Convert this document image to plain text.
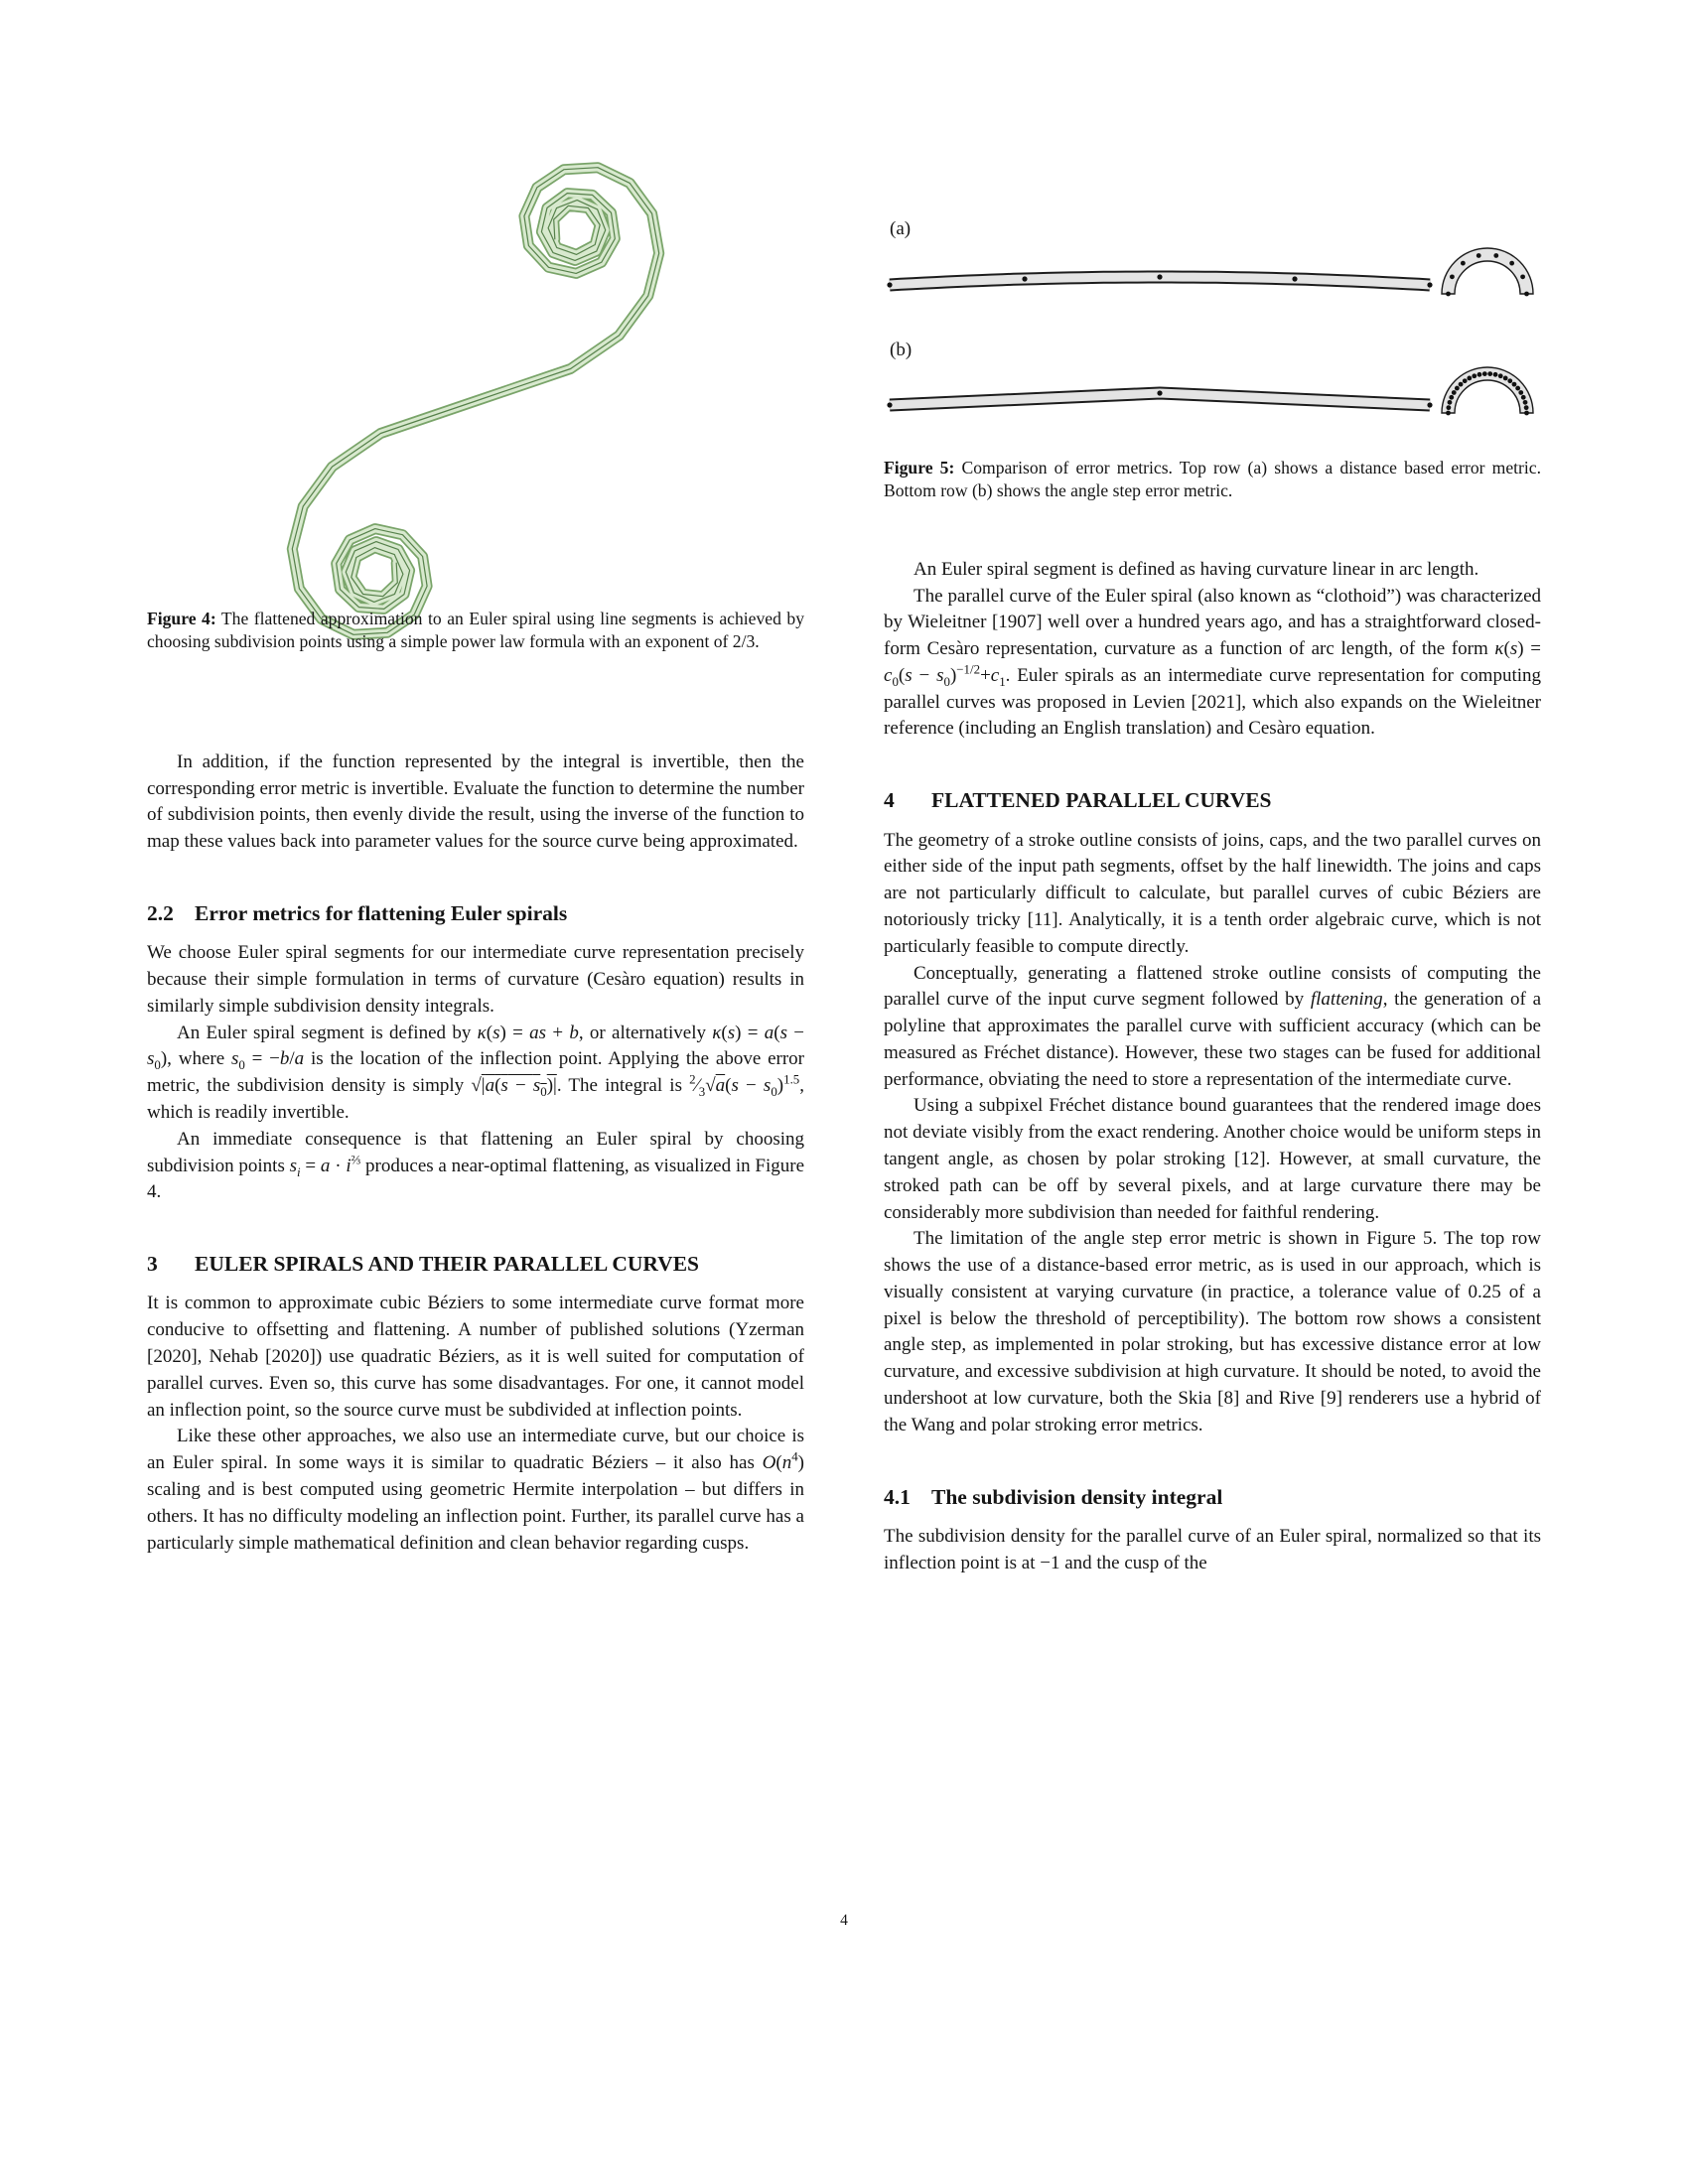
Figure 4: The flattened approximation to an Euler spiral using line segments is achieved by choosing subdivision points using a simple power law formula with an exponent of 2/3.

In addition, if the function represented by the integral is invertible, then the corresponding error metric is invertible. Evaluate the function to determine the number of subdivision points, then evenly divide the result, using the inverse of the function to map these values back into parameter values for the source curve being approximated.

2.2 Error metrics for flattening Euler spirals

We choose Euler spiral segments for our intermediate curve representation precisely because their simple formulation in terms of curvature (Cesàro equation) results in similarly simple subdivision density integrals.

An Euler spiral segment is defined by κ(s) = as + b, or alternatively $\kappa(s) = a(s - s_0)$, where $s_0 = -b/a$ is the location of the inflection point. Applying the above error metric, the subdivision density is simply $√|a(s - s_0)|$. The integral is $^2⁄_3√a(s - s_0)^{1.5}$, which is readily invertible.

An immediate consequence is that flattening an Euler spiral by choosing subdivision points $s_i = a \cdot i^{\frac{2}{3}}$ produces a near-optimal flattening, as visualized in Figure 4.

3	EULER SPIRALS AND THEIR PARALLEL CURVES

It is common to approximate cubic Béziers to some intermediate curve format more conducive to offsetting and flattening. A number of published solutions (Yzerman [2020], Nehab [2020]) use quadratic Béziers, as it is well suited for computation of parallel curves. Even so, this curve has some disadvantages. For one, it cannot model an inflection point, so the source curve must be subdivided at inflection points.

Like these other approaches, we also use an intermediate curve, but our choice is an Euler spiral. In some ways it is similar to quadratic Béziers – it also has $O(n^4)$ scaling and is best computed using geometric Hermite interpolation – but differs in others. It has no difficulty modeling an inflection point. Further, its parallel curve has a particularly simple mathematical definition and clean behavior regarding cusps.

(a)
(b)
Figure 5: Comparison of error metrics. Top row (a) shows a distance based error metric. Bottom row (b) shows the angle step error metric.

An Euler spiral segment is defined as having curvature linear in arc length.

The parallel curve of the Euler spiral (also known as “clothoid”) was characterized by Wieleitner [1907] well over a hundred years ago, and has a straightforward closed-form Cesàro representation, curvature as a function of arc length, of the form $\kappa(s) = c_0(s - s_0)^{-1/2}+c_1$. Euler spirals as an intermediate curve representation for computing parallel curves was proposed in Levien [2021], which also expands on the Wieleitner reference (including an English translation) and Cesàro equation.

4	FLATTENED PARALLEL CURVES

The geometry of a stroke outline consists of joins, caps, and the two parallel curves on either side of the input path segments, offset by the half linewidth. The joins and caps are not particularly difficult to calculate, but parallel curves of cubic Béziers are notoriously tricky [11]. Analytically, it is a tenth order algebraic curve, which is not particularly feasible to compute directly.

Conceptually, generating a flattened stroke outline consists of computing the parallel curve of the input curve segment followed by flattening, the generation of a polyline that approximates the parallel curve with sufficient accuracy (which can be measured as Fréchet distance). However, these two stages can be fused for additional performance, obviating the need to store a representation of the intermediate curve.

Using a subpixel Fréchet distance bound guarantees that the rendered image does not deviate visibly from the exact rendering. Another choice would be uniform steps in tangent angle, as chosen by polar stroking [12]. However, at small curvature, the stroked path can be off by several pixels, and at large curvature there may be considerably more subdivision than needed for faithful rendering.

The limitation of the angle step error metric is shown in Figure 5. The top row shows the use of a distance-based error metric, as is used in our approach, which is visually consistent at varying curvature (in practice, a tolerance value of 0.25 of a pixel is below the threshold of perceptibility). The bottom row shows a consistent angle step, as implemented in polar stroking, but has excessive distance error at low curvature, and excessive subdivision at high curvature. It should be noted, to avoid the undershoot at low curvature, both the Skia [8] and Rive [9] renderers use a hybrid of the Wang and polar stroking error metrics.

4.1 The subdivision density integral

The subdivision density for the parallel curve of an Euler spiral, normalized so that its inflection point is at −1 and the cusp of the

4
